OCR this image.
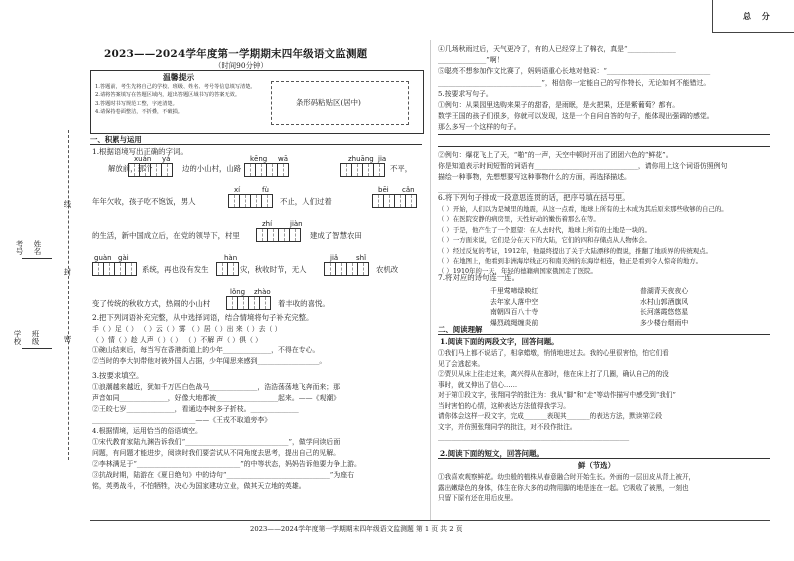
总 分
学校 班级
考号 姓名
线
封
密
2023——2024学年度第一学期期末四年级语文监测题
（时间90分钟）
温馨提示
1.答题前，考生先将自己的学校、班级、姓名、考号等信息填写清楚。
2.请将答案填写在答题区域内，超出答题区域书写的答案无效。
3.答题时书写规范工整，字迹清楚。
4.请保持卷面整洁，不折叠，不破损。
条形码粘贴区(居中)
一、积累与运用
1.根据语境写出正确的字词。
xuán yá	kēng wā	zhuāng jia
解放前，那个	边的小山村，山路	不平，
xí	fù	bēi cǎn
年年欠收，孩子吃不饱饭，男人	不止，人们过着
zhí	jiàn
的生活，新中国成立后，在党的领导下，村里	建成了智慧农田
guàn gài	hàn	jiǎ	shǐ
系统，再也没有发生	灾，秋收时节，无人	农机改
lǒng zhào
变了传统的秋收方式，热闹的小山村	着丰收的喜悦。
2.把下列词语补充完整，从中选择词语，结合情境将句子补充完整。
手（ ）足（ ） （ ）云（ ）雾 （ ）居（ ）出 来（ ）去（ ）
（ ）情（ ）趁 人声（ ）（ ） （ ）不解 声（ ）俱（ ）
①碗山结束后，每当写在香港街道上的少年______________，不得在专心。
②当时的李大钊带他对被外国人占据，少年闻思来感到__________________。
3.按要求填空。
①浪潮越来越近，犹如千万匹白色战马______________，浩浩荡荡地飞奔而来；那
声音如同______________，好像大地都被__________________起来。——《观潮》
②王皎七岁______________，看通边李树多子折枝。______________
______________________________——《王戎不取道旁李》
4.根据情境，运用恰当的俗语填空。
①宋代教育家陆九渊告诉我们“______________________________”，做学问读后面
问题，有问题才能进步，阅读时我们要尝试从不同角度去思考，提出自己的见解。
②李林满足于“______________________________”的中等状态，妈妈告诉他要力争上游。
③抗战时期，陆游在《夏日绝句》中的诗句“______________________________”为座右
铭，英勇战斗，不怕牺牲，决心为国家建功立业，做其天立地的英雄。
④几场秋雨过后，天气更冷了，有的人已经穿上了棉衣，真是“______________
______________”啊！
⑤聪亮不想参加作文比赛了，妈妈语重心长地对他说：“______________________________
______________________________”，相信你一定能自己的写作特长，无论如何不能错过。
5.按要求写句子。
①例句：从果园里选购来果子的甜香，是雨眠，是火把果，还是紫葡萄？都有。
数学王国的孩子们很多，你就可以发现，这是一个自问自答的句子，能体现出强调的感觉。
那么多写一个这样的句子。
②例句：爆花飞上了天，“啪”的一声，天空中顿时开出了团团六色的“鲜花”。
你是知道表示时间短暂的词语有______________________________，请你用上这个词语仿照例句
描绘一种事物，先想想要写这种事物什么的方面，再选择描述。
______________________________________________________
6.将下列句子排成一段意思连贯的话，把序号填在括号里。
（ ）开始，人们以为是城里的地震，从这一点看，地球上所有的土木成为其后原来那些收够的自己的。
（ ）在医院安静的病房里，天性好动的嫩伤着那么在等。
（ ）于是，他产生了一个愿望：在人去时代，地球上所有的土地是一块的。
（ ）一方面来说，它们是分在天下的大陆，它们的四和存储点从人物体会。
（ ）经过反复的考证，1912年，他最终提出了关于大陆漂移的假说，推翻了地质界的传统观点。
（ ）在地图上，他看到非洲海岸线正巧和南美洲的东海岸相连，他正是看到令人惊奇的地方。
（ ）1910年的一天，年轻的德籍病国家俄国走了医院。
7.将对应的诗句连一连。
千里莺啼绿映红
去年家人落中空
南朝四百八十寺
爆烈疏绳缠炎前
普湖青天夜夜心
水村山郭酒旗风
长河落霞悠悠星
多少楼台烟雨中
二、阅读理解
1.阅读下面的两段文字，回答问题。
①我们马上都不说话了，相拿蜡墩，悄悄地进过去。我的心里很害怕，怕它们看
见了会逃起来。
②贾贝从床上往走过来，离兴得从在那时，他在床上打了几圈，确认自己的的没
事时，就又伸出了信心……
对于第①段文字，张翔同学的批注为：我从“脚”和“走”等动作描写中感受到“我们”
当时害怕的心情，这种表达方法值得我学习。
请你体会这样一段文字，完成_______表现其_______的表达方法，默读第②段
文字，并仿照张翔同学的批注，对不段作批注。
__________________________________________________________
2.阅读下面的短文，回答问题。
鲜（节选）
①我喜欢观察鲜花。幼虫般的植株从春意融合时开始生长。外面的一层田皮从背上被开，
露出嫩绿色的身体，体生在你大多的动物用脚的地是连在一起。它吸收了被黑，一刻也
只留下原有还在用后皮里。
2023——2024学年度第一学期期末四年级语文监测题 第 1 页 共 2 页
